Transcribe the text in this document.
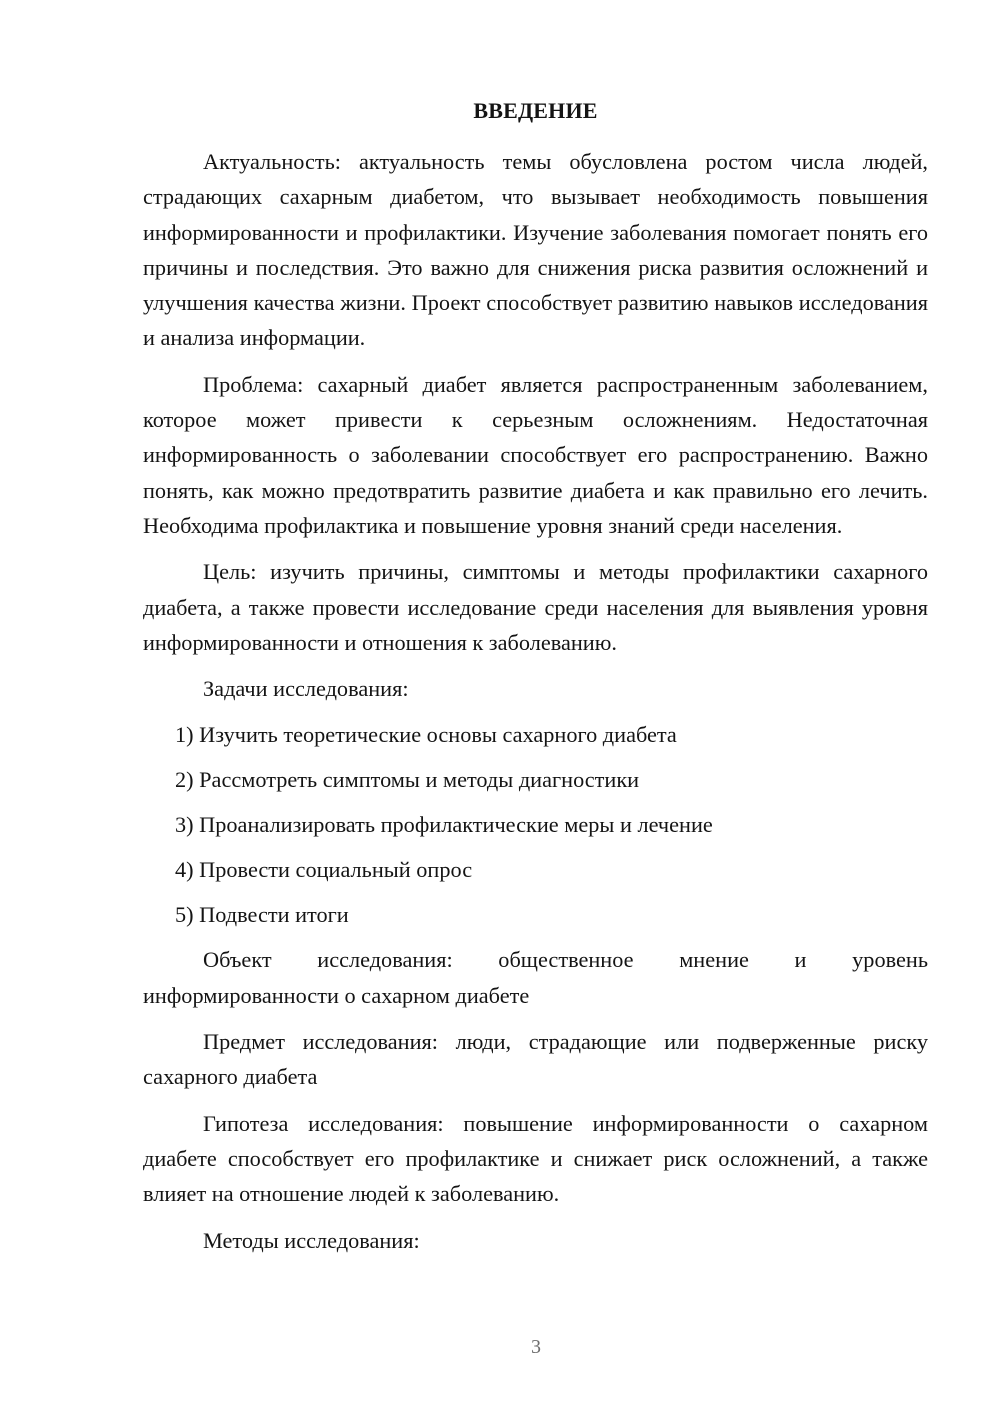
ВВЕДЕНИЕ

Актуальность: актуальность темы обусловлена ростом числа людей, страдающих сахарным диабетом, что вызывает необходимость повышения информированности и профилактики. Изучение заболевания помогает понять его причины и последствия. Это важно для снижения риска развития осложнений и улучшения качества жизни. Проект способствует развитию навыков исследования и анализа информации.

Проблема: сахарный диабет является распространенным заболеванием, которое может привести к серьезным осложнениям. Недостаточная информированность о заболевании способствует его распространению. Важно понять, как можно предотвратить развитие диабета и как правильно его лечить. Необходима профилактика и повышение уровня знаний среди населения.

Цель: изучить причины, симптомы и методы профилактики сахарного диабета, а также провести исследование среди населения для выявления уровня информированности и отношения к заболеванию.

Задачи исследования:

1) Изучить теоретические основы сахарного диабета
2) Рассмотреть симптомы и методы диагностики
3) Проанализировать профилактические меры и лечение
4) Провести социальный опрос
5) Подвести итоги

Объект исследования: общественное мнение и уровень информированности о сахарном диабете

Предмет исследования: люди, страдающие или подверженные риску сахарного диабета

Гипотеза исследования: повышение информированности о сахарном диабете способствует его профилактике и снижает риск осложнений, а также влияет на отношение людей к заболеванию.

Методы исследования:

3
